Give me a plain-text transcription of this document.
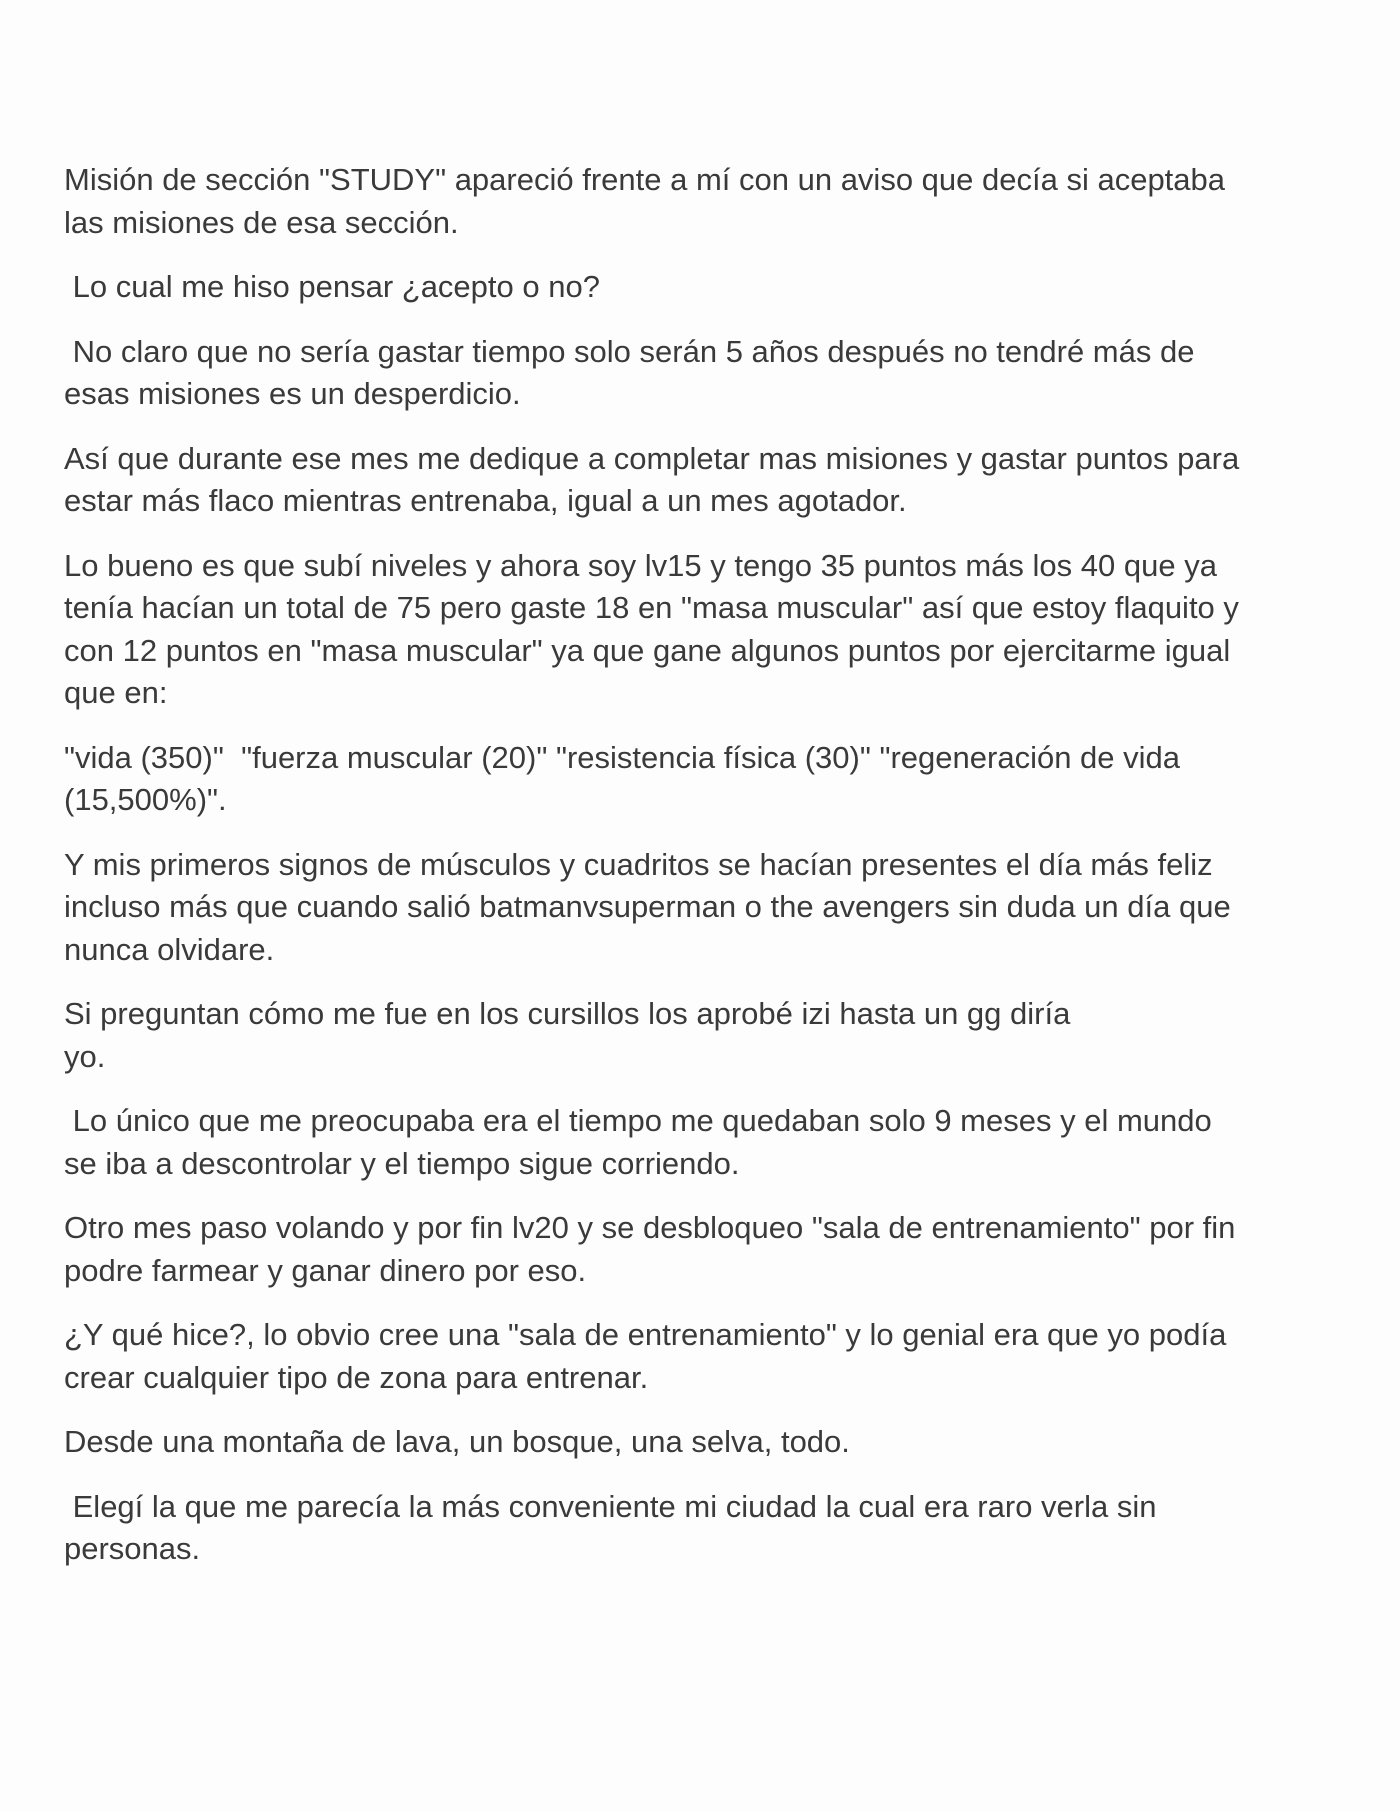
Misión de sección "STUDY" apareció frente a mí con un aviso que decía si aceptaba
las misiones de esa sección.

Lo cual me hiso pensar ¿acepto o no?

No claro que no sería gastar tiempo solo serán 5 años después no tendré más de
esas misiones es un desperdicio.

Así que durante ese mes me dedique a completar mas misiones y gastar puntos para
estar más flaco mientras entrenaba, igual a un mes agotador.

Lo bueno es que subí niveles y ahora soy lv15 y tengo 35 puntos más los 40 que ya
tenía hacían un total de 75 pero gaste 18 en "masa muscular" así que estoy flaquito y
con 12 puntos en "masa muscular" ya que gane algunos puntos por ejercitarme igual
que en:

"vida (350)"  "fuerza muscular (20)" "resistencia física (30)" "regeneración de vida
(15,500%)".

Y mis primeros signos de músculos y cuadritos se hacían presentes el día más feliz
incluso más que cuando salió batmanvsuperman o the avengers sin duda un día que
nunca olvidare.

Si preguntan cómo me fue en los cursillos los aprobé izi hasta un gg diría
yo.

Lo único que me preocupaba era el tiempo me quedaban solo 9 meses y el mundo
se iba a descontrolar y el tiempo sigue corriendo.

Otro mes paso volando y por fin lv20 y se desbloqueo "sala de entrenamiento" por fin
podre farmear y ganar dinero por eso.

¿Y qué hice?, lo obvio cree una "sala de entrenamiento" y lo genial era que yo podía
crear cualquier tipo de zona para entrenar.

Desde una montaña de lava, un bosque, una selva, todo.

Elegí la que me parecía la más conveniente mi ciudad la cual era raro verla sin
personas.
